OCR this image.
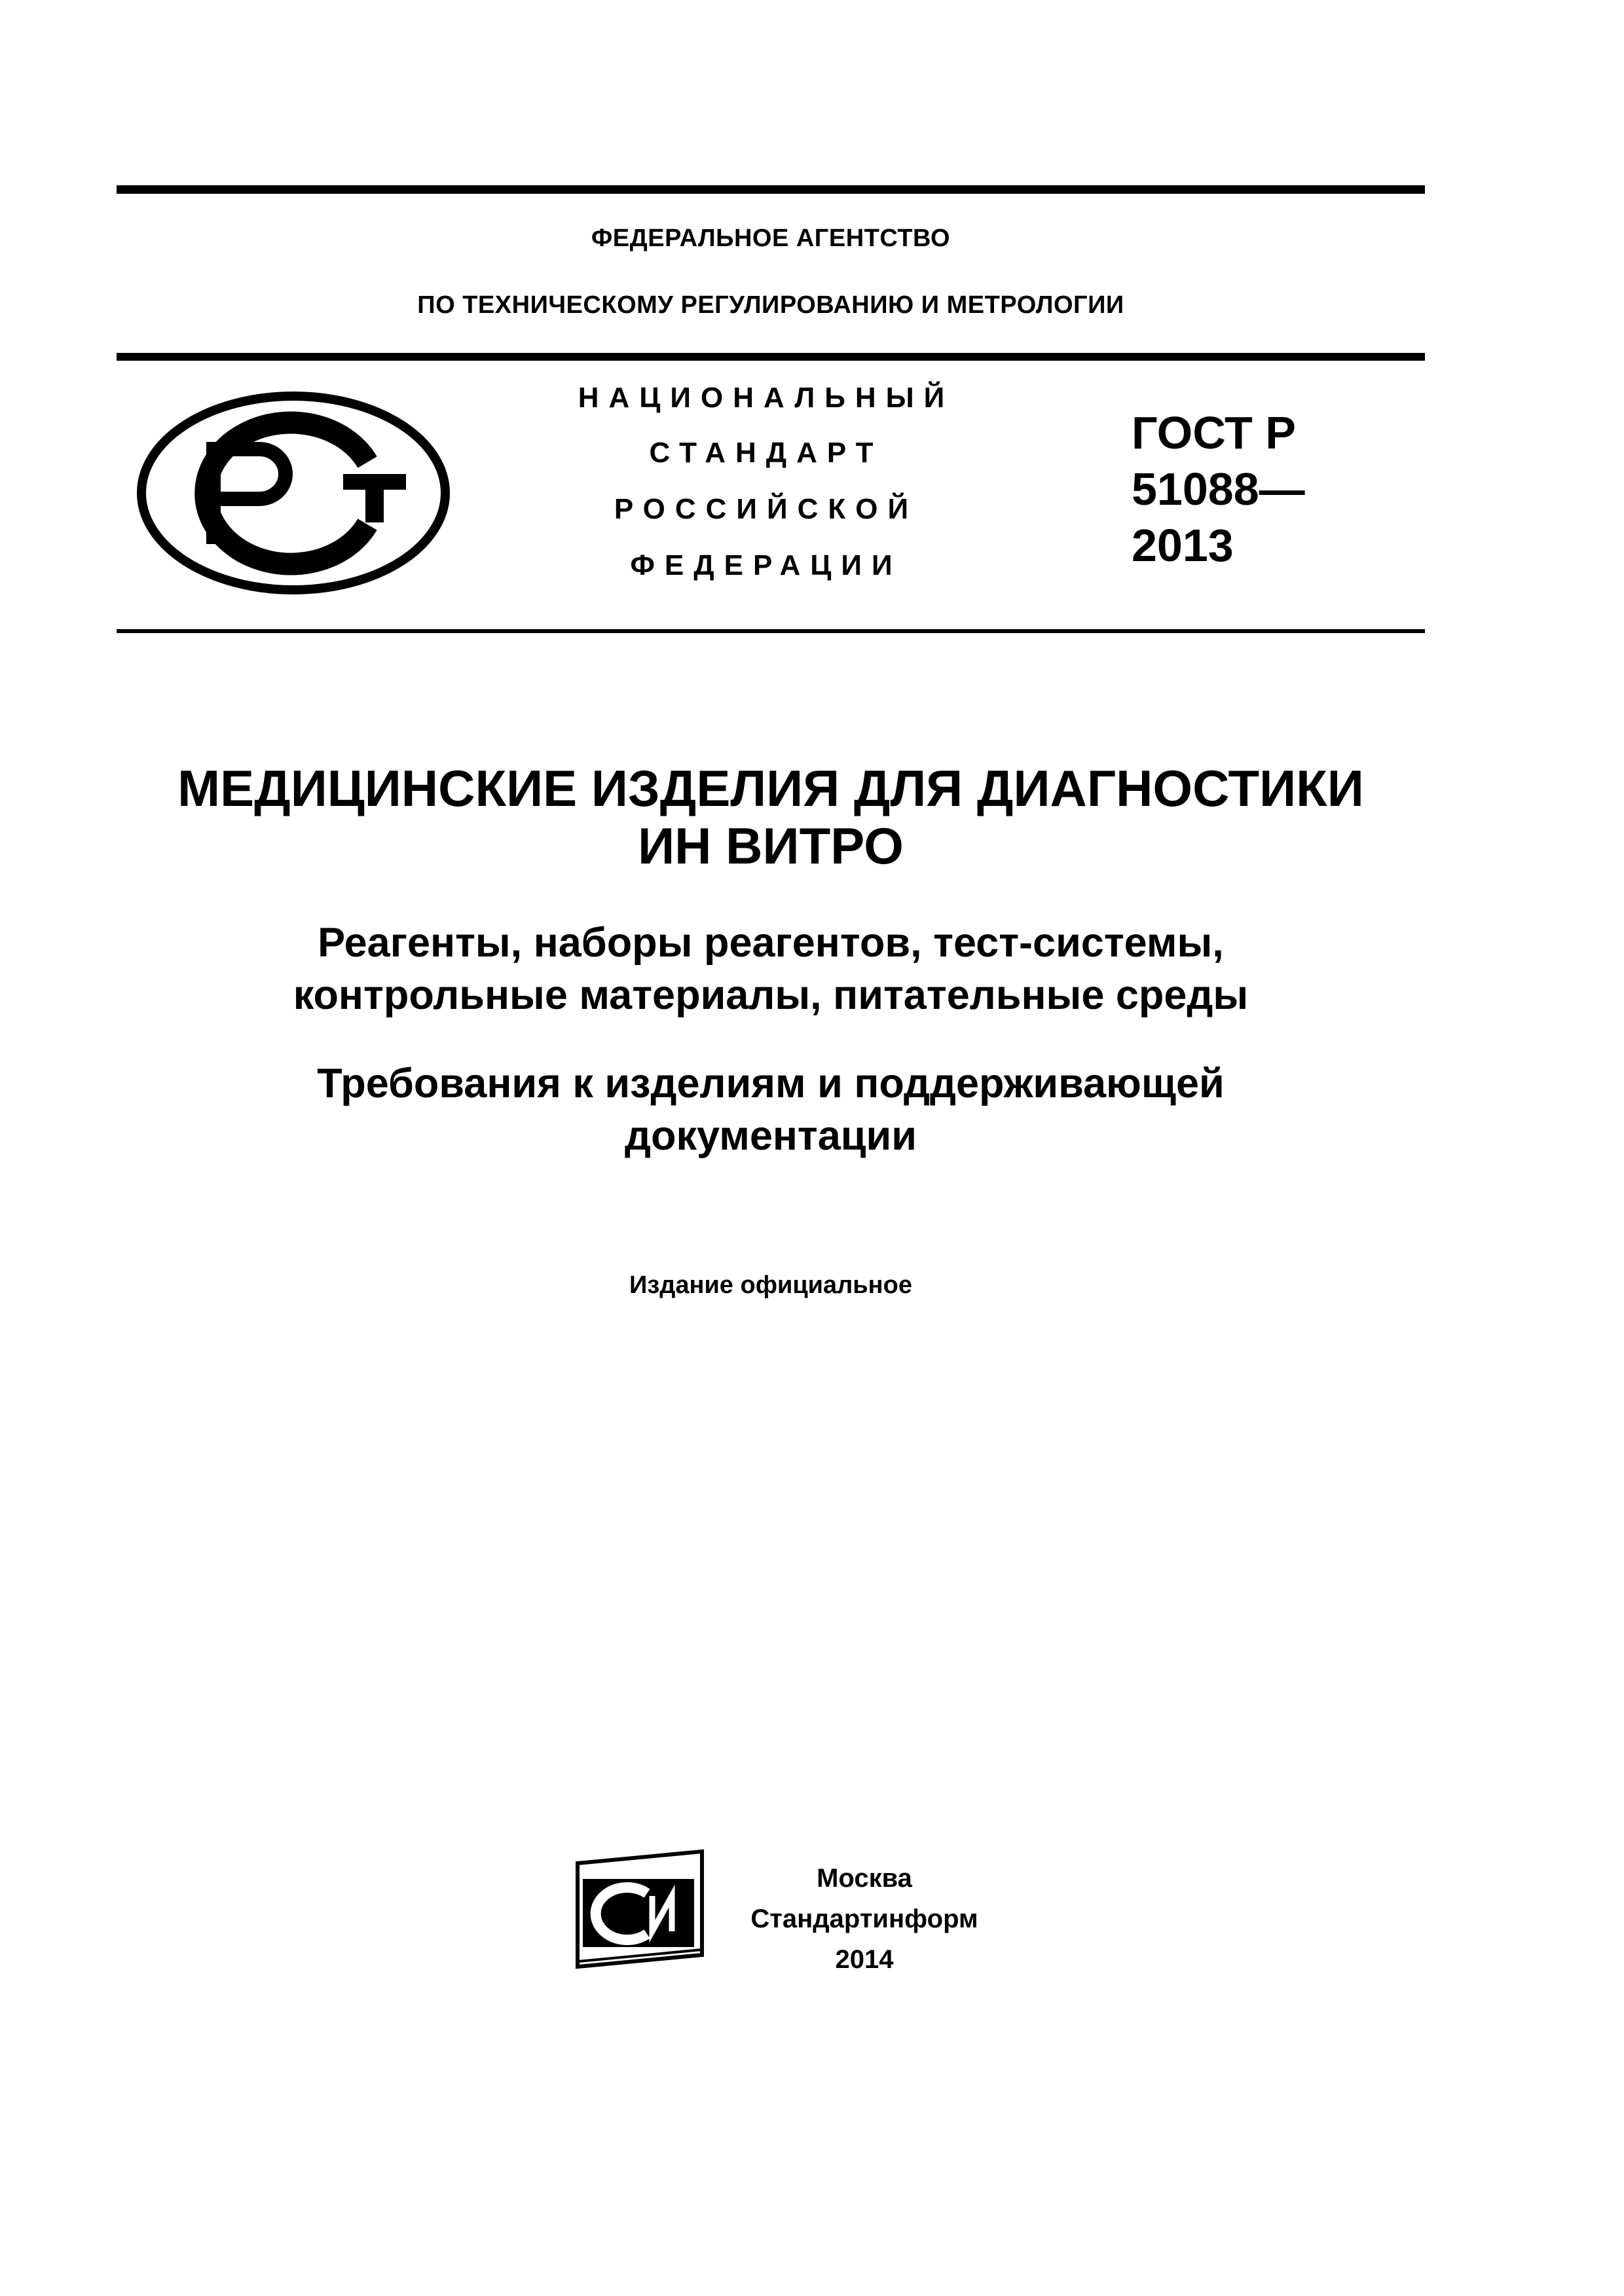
ФЕДЕРАЛЬНОЕ АГЕНТСТВО
ПО ТЕХНИЧЕСКОМУ РЕГУЛИРОВАНИЮ И МЕТРОЛОГИИ
НАЦИОНАЛЬНЫЙ
СТАНДАРТ
РОССИЙСКОЙ
ФЕДЕРАЦИИ
ГОСТ Р
51088—
2013
МЕДИЦИНСКИЕ ИЗДЕЛИЯ ДЛЯ ДИАГНОСТИКИ
ИН ВИТРО
Реагенты, наборы реагентов, тест-системы,
контрольные материалы, питательные среды
Требования к изделиям и поддерживающей
документации
Издание официальное
Москва
Стандартинформ
2014
